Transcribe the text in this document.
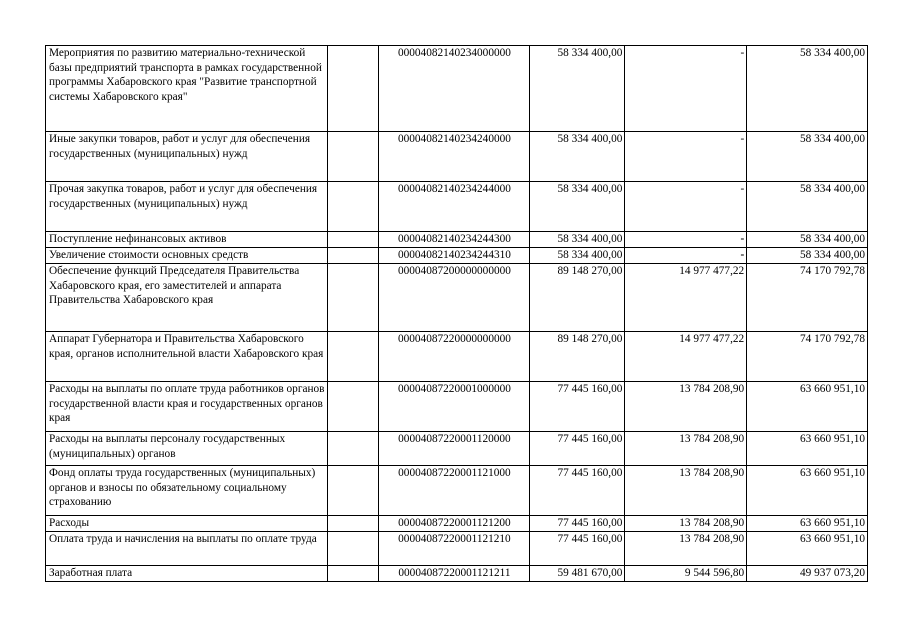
Мероприятия по развитию материально-технической базы предприятий транспорта в рамках государственной программы Хабаровского края "Развитие транспортной системы Хабаровского края"		00004082140234000000	58 334 400,00	-	58 334 400,00
Иные закупки товаров, работ и услуг для обеспечения государственных (муниципальных) нужд		00004082140234240000	58 334 400,00	-	58 334 400,00
Прочая закупка товаров, работ и услуг для обеспечения государственных (муниципальных) нужд		00004082140234244000	58 334 400,00	-	58 334 400,00
Поступление нефинансовых активов		00004082140234244300	58 334 400,00	-	58 334 400,00
Увеличение стоимости основных средств		00004082140234244310	58 334 400,00	-	58 334 400,00
Обеспечение функций Председателя Правительства Хабаровского края, его заместителей и аппарата Правительства Хабаровского края		00004087200000000000	89 148 270,00	14 977 477,22	74 170 792,78
Аппарат Губернатора и Правительства Хабаровского края, органов исполнительной власти Хабаровского края		00004087220000000000	89 148 270,00	14 977 477,22	74 170 792,78
Расходы на выплаты по оплате труда работников органов государственной власти края и государственных органов края		00004087220001000000	77 445 160,00	13 784 208,90	63 660 951,10
Расходы на выплаты персоналу государственных (муниципальных) органов		00004087220001120000	77 445 160,00	13 784 208,90	63 660 951,10
Фонд оплаты труда государственных (муниципальных) органов и взносы по обязательному социальному страхованию		00004087220001121000	77 445 160,00	13 784 208,90	63 660 951,10
Расходы		00004087220001121200	77 445 160,00	13 784 208,90	63 660 951,10
Оплата труда и начисления на выплаты по оплате труда		00004087220001121210	77 445 160,00	13 784 208,90	63 660 951,10
Заработная плата		00004087220001121211	59 481 670,00	9 544 596,80	49 937 073,20
